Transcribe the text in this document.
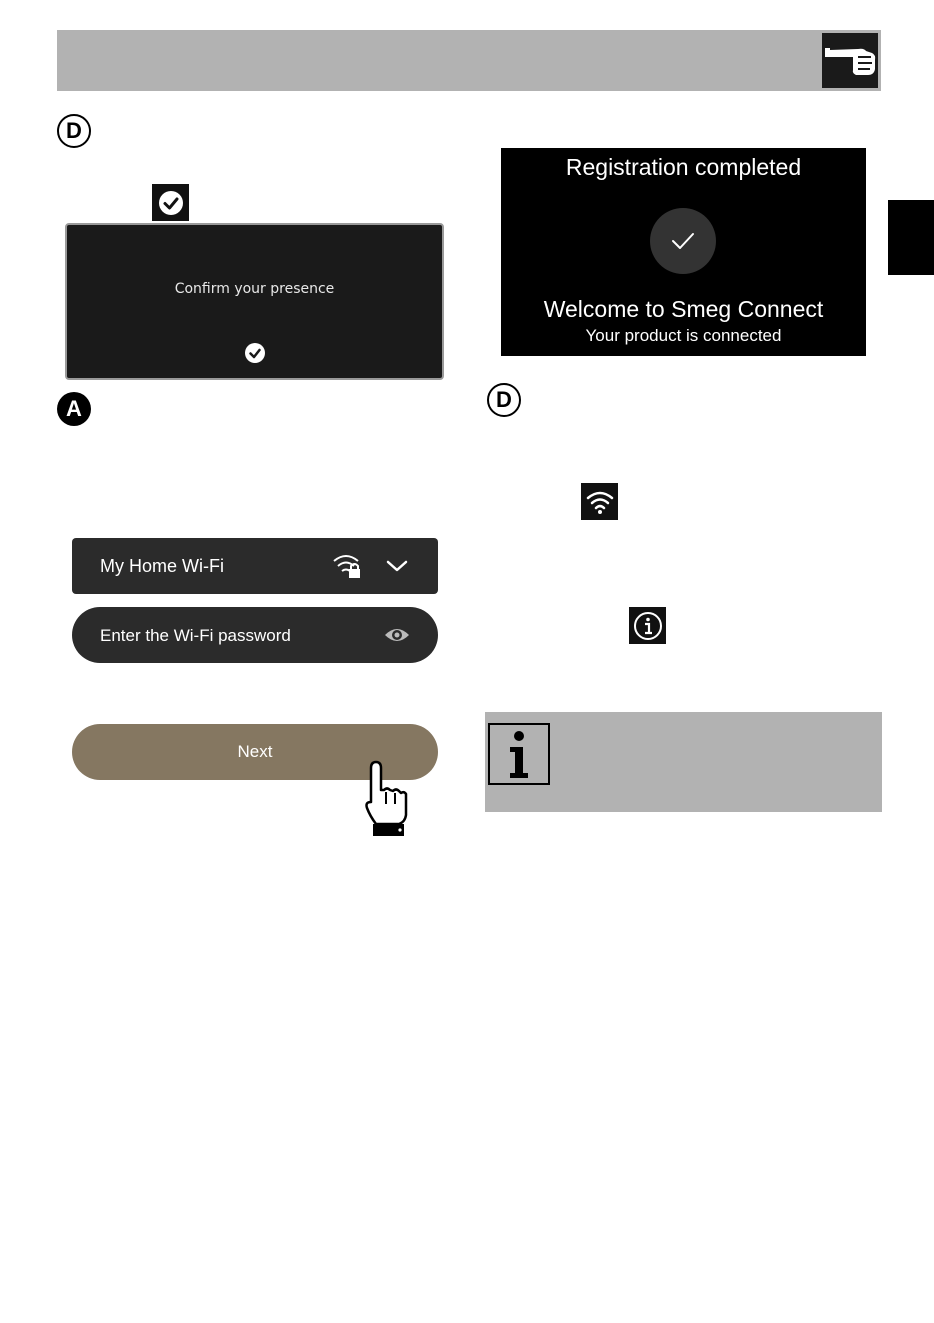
D
Confirm your presence
A
My Home Wi-Fi
Enter the Wi-Fi password
Next
Registration completed
Welcome to Smeg Connect
Your product is connected
D
